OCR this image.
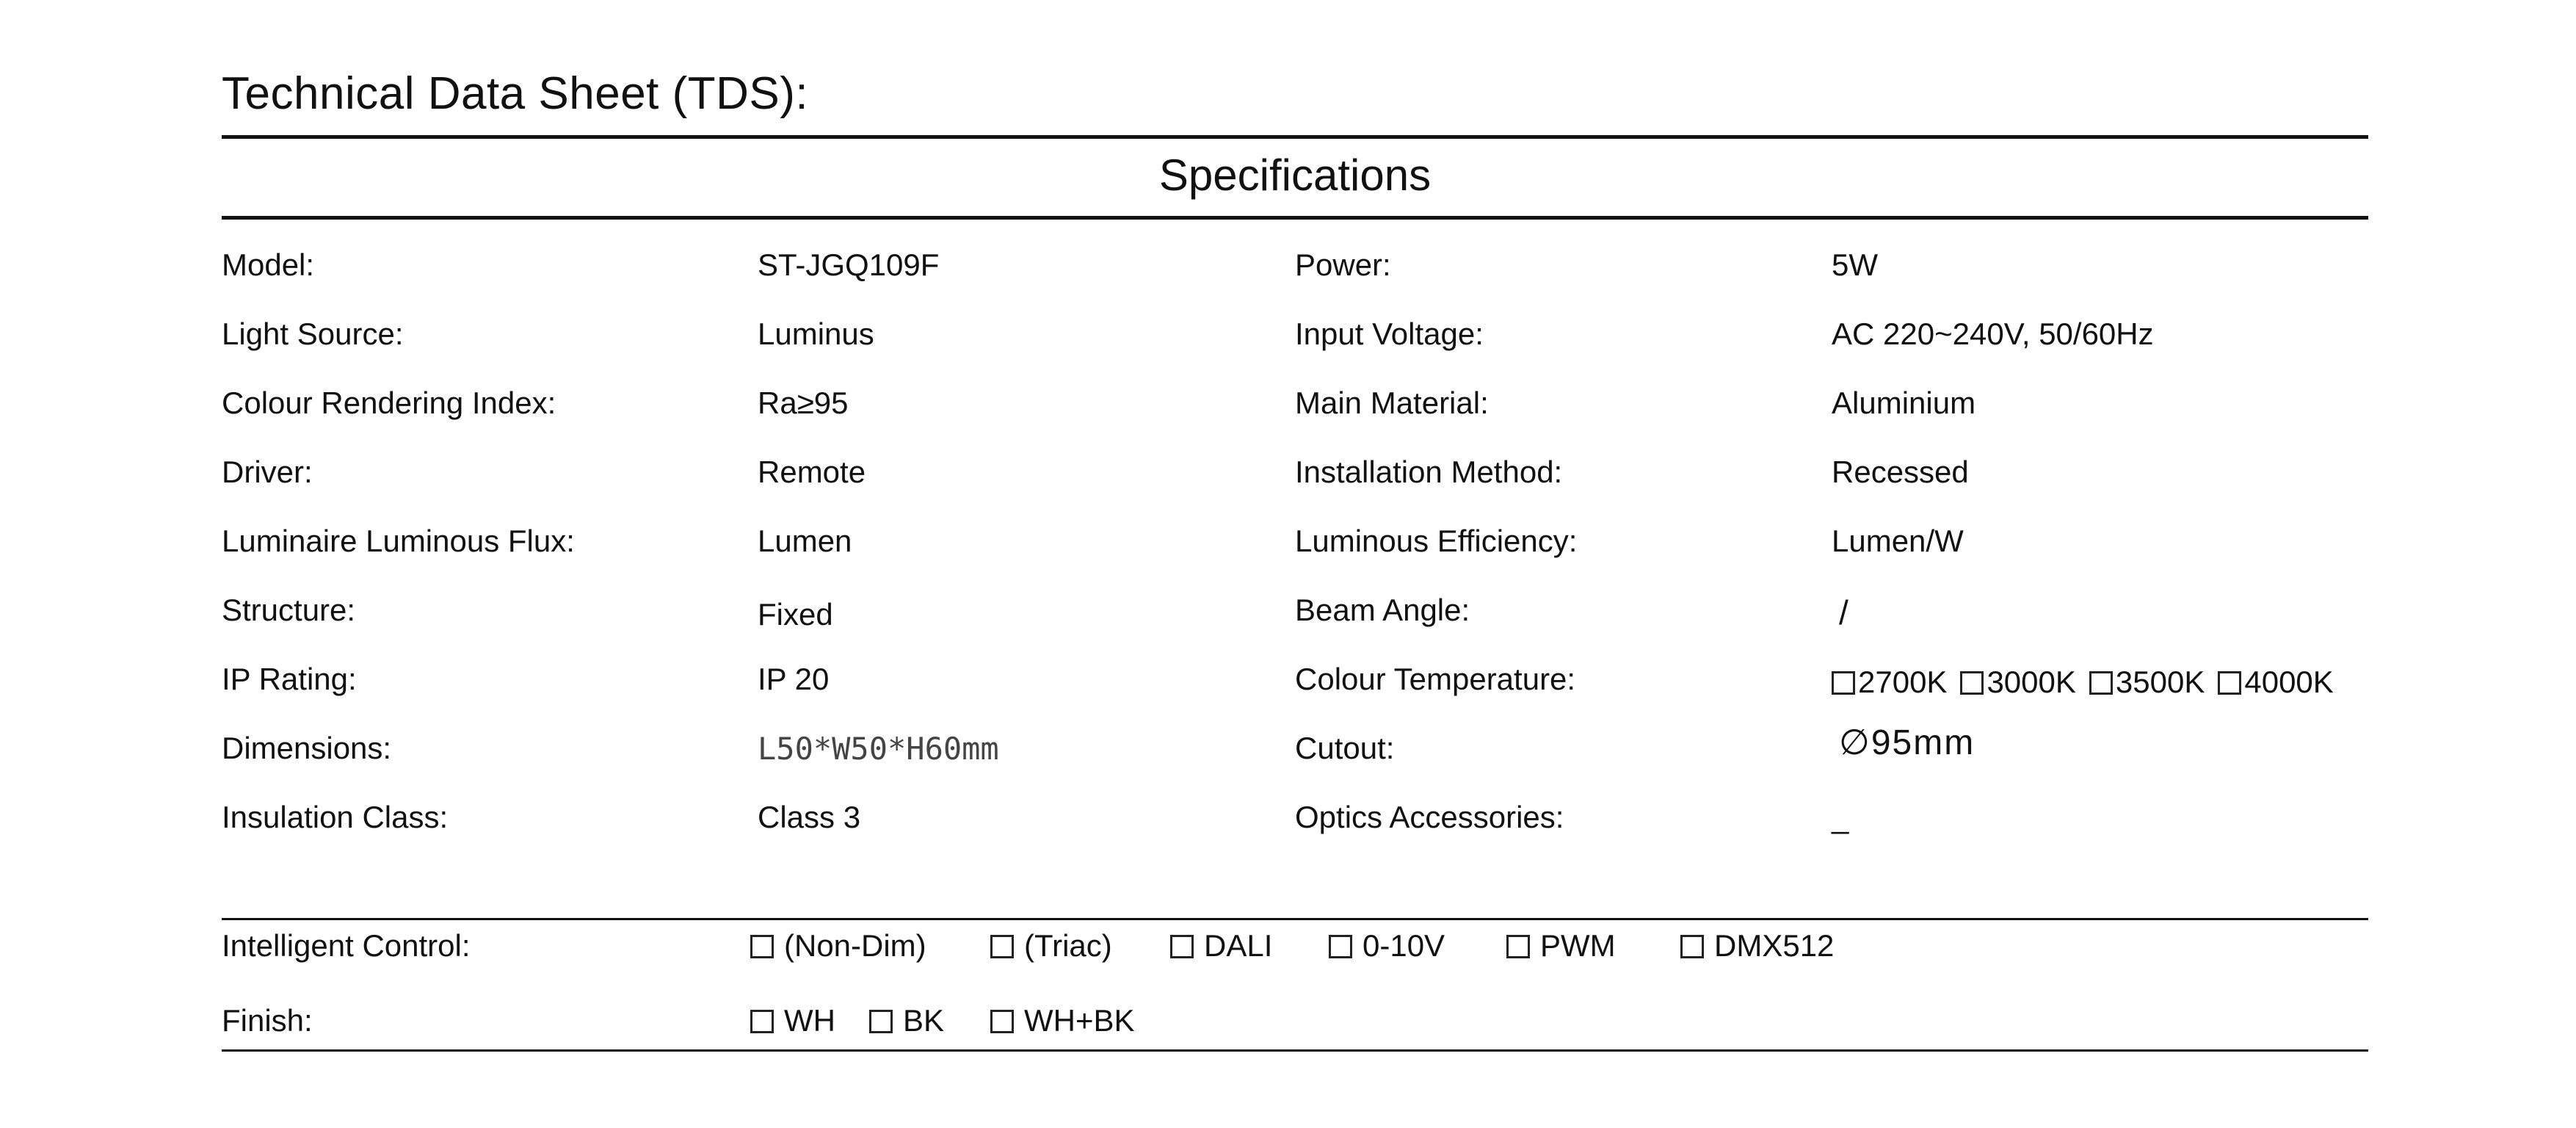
Technical Data Sheet (TDS):
Specifications
Model:	ST-JGQ109F	Power:	5W
Light Source:	Luminus	Input Voltage:	AC 220~240V, 50/60Hz
Colour Rendering Index:	Ra≥95	Main Material:	Aluminium
Driver:	Remote	Installation Method:	Recessed
Luminaire Luminous Flux:	Lumen	Luminous Efficiency:	Lumen/W
Structure:	Fixed	Beam Angle:	/
IP Rating:	IP 20	Colour Temperature:	2700K 3000K 3500K 4000K
Dimensions:	L50*W50*H60mm	Cutout:	∅95mm
Insulation Class:	Class 3	Optics Accessories:	_
Intelligent Control:	(Non-Dim)	(Triac)	DALI	0-10V	PWM	DMX512
Finish:	WH	BK	WH+BK
